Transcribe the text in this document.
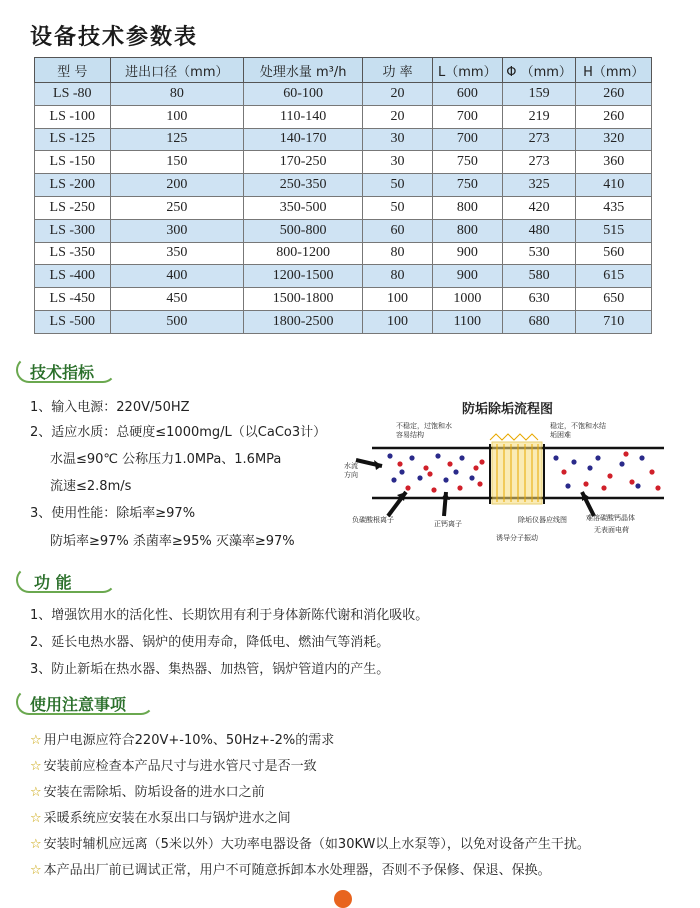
设备技术参数表
型 号	进出口径（mm）	处理水量 m³/h	功 率	L（mm）	Φ （mm）	H（mm）
LS -80	80	60-100	20	600	159	260
LS -100	100	110-140	20	700	219	260
LS -125	125	140-170	30	700	273	320
LS -150	150	170-250	30	750	273	360
LS -200	200	250-350	50	750	325	410
LS -250	250	350-500	50	800	420	435
LS -300	300	500-800	60	800	480	515
LS -350	350	800-1200	80	900	530	560
LS -400	400	1200-1500	80	900	580	615
LS -450	450	1500-1800	100	1000	630	650
LS -500	500	1800-2500	100	1100	680	710
技术指标
1、输入电源：220V/50HZ
2、适应水质：总硬度≤1000mg/L（以CaCo3计）
水温≤90℃ 公称压力1.0MPa、1.6MPa
流速≤2.8m/s
3、使用性能：除垢率≥97%
防垢率≥97% 杀菌率≥95% 灭藻率≥97%
防垢除垢流程图
不稳定，过饱和水容易结构
稳定，不饱和水结垢困难
水流方向
负碳酸根离子	正钙离子	除垢仪器应线图
诱导分子振动
难溶碳酸钙晶体
无表面电荷
功 能
1、增强饮用水的活化性、长期饮用有利于身体新陈代谢和消化吸收。
2、延长电热水器、锅炉的使用寿命，降低电、燃油气等消耗。
3、防止新垢在热水器、集热器、加热管，锅炉管道内的产生。
使用注意事项
☆ 用户电源应符合220V+-10%、50Hz+-2%的需求
☆ 安装前应检查本产品尺寸与进水管尺寸是否一致
☆ 安装在需除垢、防垢设备的进水口之前
☆ 采暖系统应安装在水泵出口与锅炉进水之间
☆ 安装时辅机应远离（5米以外）大功率电器设备（如30KW以上水泵等），以免对设备产生干扰。
☆ 本产品出厂前已调试正常，用户不可随意拆卸本水处理器，否则不予保修、保退、保换。
